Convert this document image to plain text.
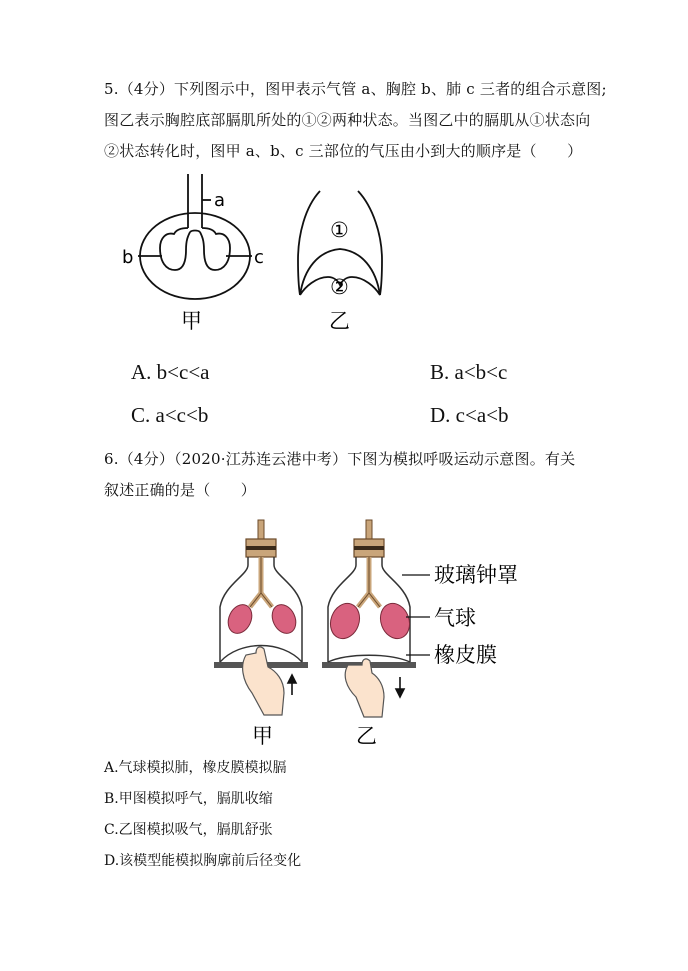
5.（4分）下列图示中，图甲表示气管 a、胸腔 b、肺 c 三者的组合示意图;

图乙表示胸腔底部膈肌所处的①②两种状态。当图乙中的膈肌从①状态向

②状态转化时，图甲 a、b、c 三部位的气压由小到大的顺序是（　　）

a
b	c
甲
①
②
乙
A. b<c<a	B. a<b<c
C. a<c<b	D. c<a<b

6.（4分）（2020·江苏连云港中考）下图为模拟呼吸运动示意图。有关

叙述正确的是（　　）

玻璃钟罩
气球
橡皮膜
甲	乙
A.气球模拟肺，橡皮膜模拟膈
B.甲图模拟呼气，膈肌收缩
C.乙图模拟吸气，膈肌舒张
D.该模型能模拟胸廓前后径变化
